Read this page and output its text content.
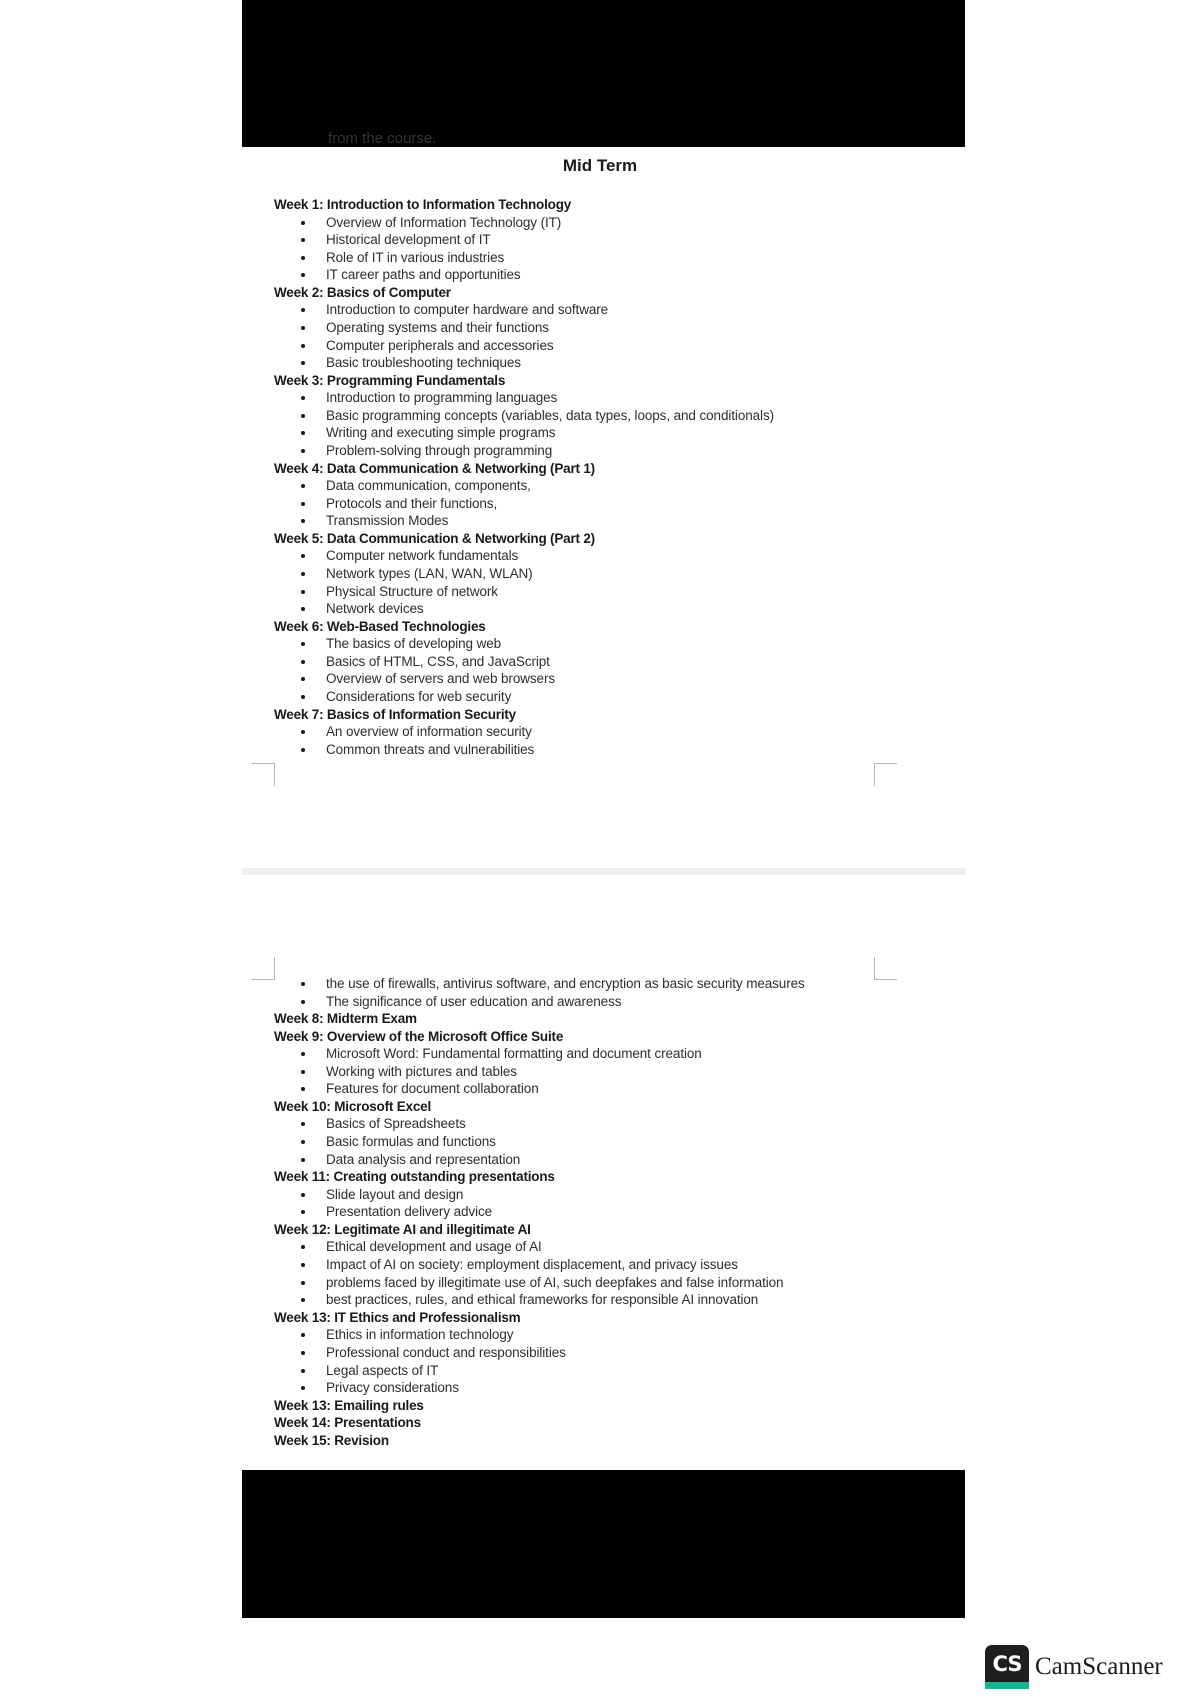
from the course.
Mid Term
Week 1: Introduction to Information Technology
Overview of Information Technology (IT)
Historical development of IT
Role of IT in various industries
IT career paths and opportunities
Week 2: Basics of Computer
Introduction to computer hardware and software
Operating systems and their functions
Computer peripherals and accessories
Basic troubleshooting techniques
Week 3: Programming Fundamentals
Introduction to programming languages
Basic programming concepts (variables, data types, loops, and conditionals)
Writing and executing simple programs
Problem-solving through programming
Week 4: Data Communication & Networking (Part 1)
Data communication, components,
Protocols and their functions,
Transmission Modes
Week 5: Data Communication & Networking (Part 2)
Computer network fundamentals
Network types (LAN, WAN, WLAN)
Physical Structure of network
Network devices
Week 6: Web-Based Technologies
The basics of developing web
Basics of HTML, CSS, and JavaScript
Overview of servers and web browsers
Considerations for web security
Week 7: Basics of Information Security
An overview of information security
Common threats and vulnerabilities
the use of firewalls, antivirus software, and encryption as basic security measures
The significance of user education and awareness
Week 8: Midterm Exam
Week 9: Overview of the Microsoft Office Suite
Microsoft Word: Fundamental formatting and document creation
Working with pictures and tables
Features for document collaboration
Week 10: Microsoft Excel
Basics of Spreadsheets
Basic formulas and functions
Data analysis and representation
Week 11: Creating outstanding presentations
Slide layout and design
Presentation delivery advice
Week 12: Legitimate AI and illegitimate AI
Ethical development and usage of AI
Impact of AI on society: employment displacement, and privacy issues
problems faced by illegitimate use of AI, such deepfakes and false information
best practices, rules, and ethical frameworks for responsible AI innovation
Week 13: IT Ethics and Professionalism
Ethics in information technology
Professional conduct and responsibilities
Legal aspects of IT
Privacy considerations
Week 13: Emailing rules
Week 14: Presentations
Week 15: Revision
CS CamScanner
